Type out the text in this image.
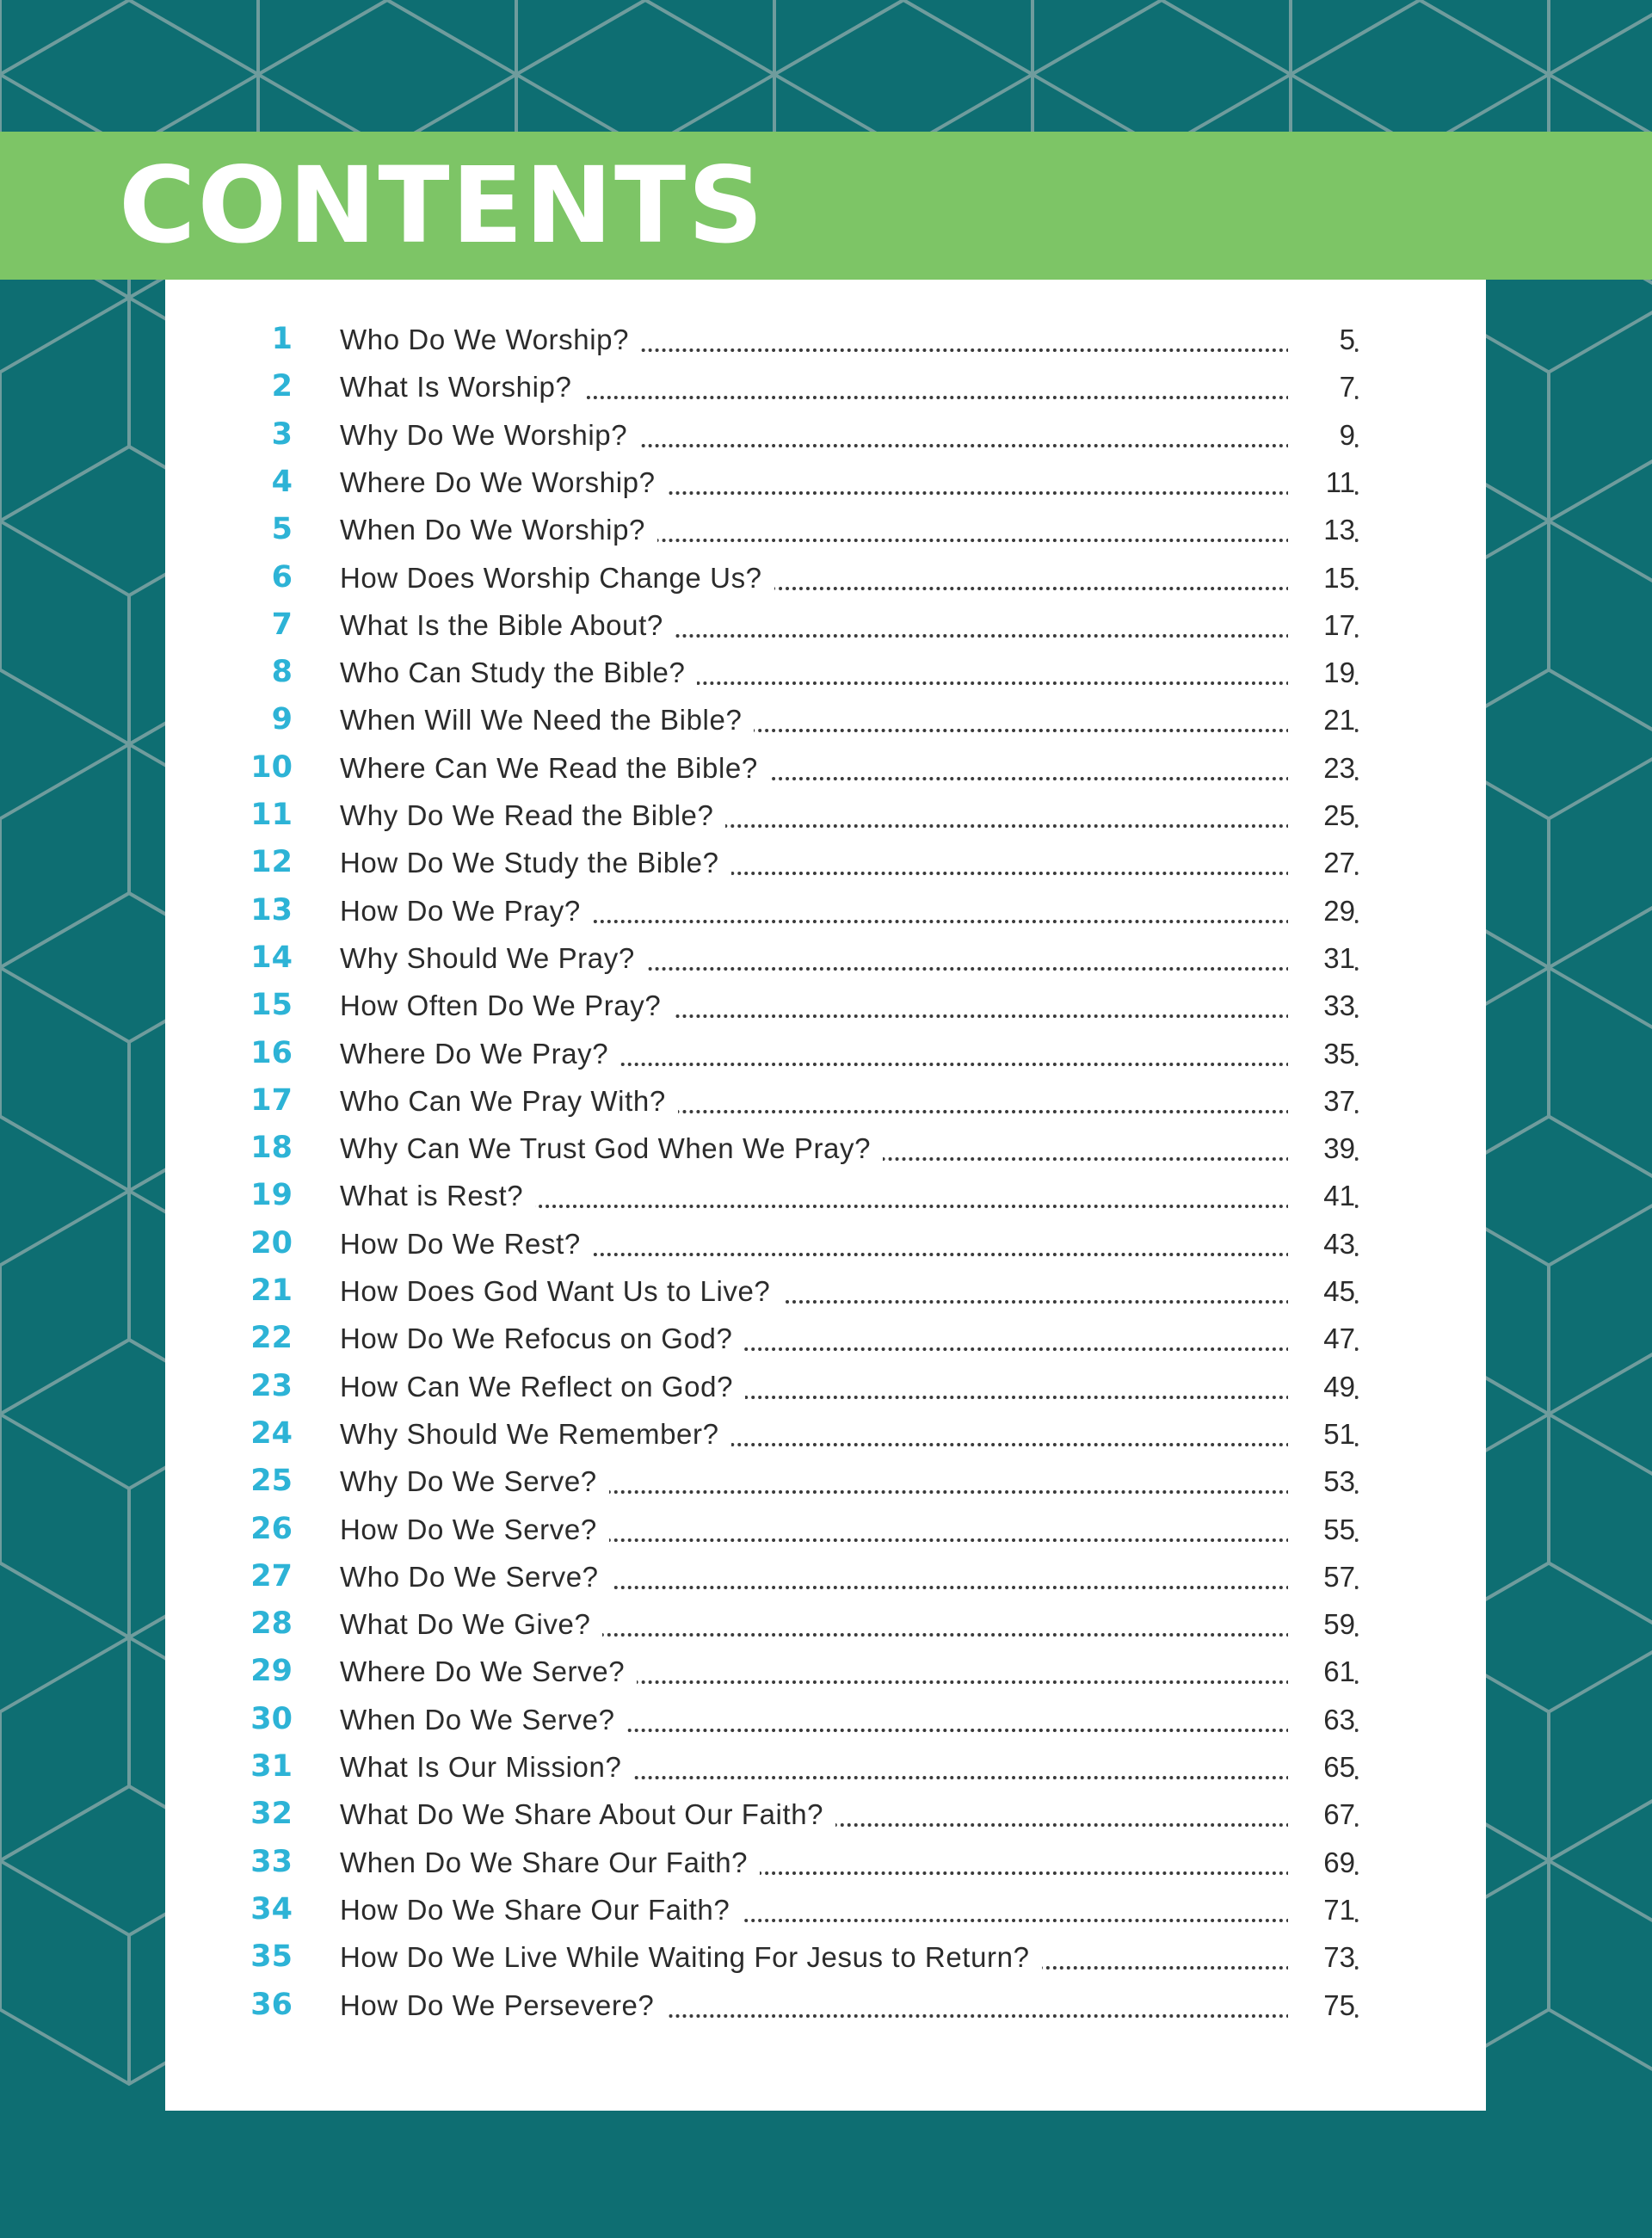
CONTENTS
1 Who Do We Worship?	5
2 What Is Worship?	7
3 Why Do We Worship?	9
4 Where Do We Worship?	11
5 When Do We Worship?	13
6 How Does Worship Change Us?	15
7 What Is the Bible About?	17
8 Who Can Study the Bible?	19
9 When Will We Need the Bible?	21
10 Where Can We Read the Bible?	23
11 Why Do We Read the Bible?	25
12 How Do We Study the Bible?	27
13 How Do We Pray?	29
14 Why Should We Pray?	31
15 How Often Do We Pray?	33
16 Where Do We Pray?	35
17 Who Can We Pray With?	37
18 Why Can We Trust God When We Pray?	39
19 What is Rest?	41
20 How Do We Rest?	43
21 How Does God Want Us to Live?	45
22 How Do We Refocus on God?	47
23 How Can We Reflect on God?	49
24 Why Should We Remember?	51
25 Why Do We Serve?	53
26 How Do We Serve?	55
27 Who Do We Serve?	57
28 What Do We Give?	59
29 Where Do We Serve?	61
30 When Do We Serve?	63
31 What Is Our Mission?	65
32 What Do We Share About Our Faith?	67
33 When Do We Share Our Faith?	69
34 How Do We Share Our Faith?	71
35 How Do We Live While Waiting For Jesus to Return?	73
36 How Do We Persevere?	75
